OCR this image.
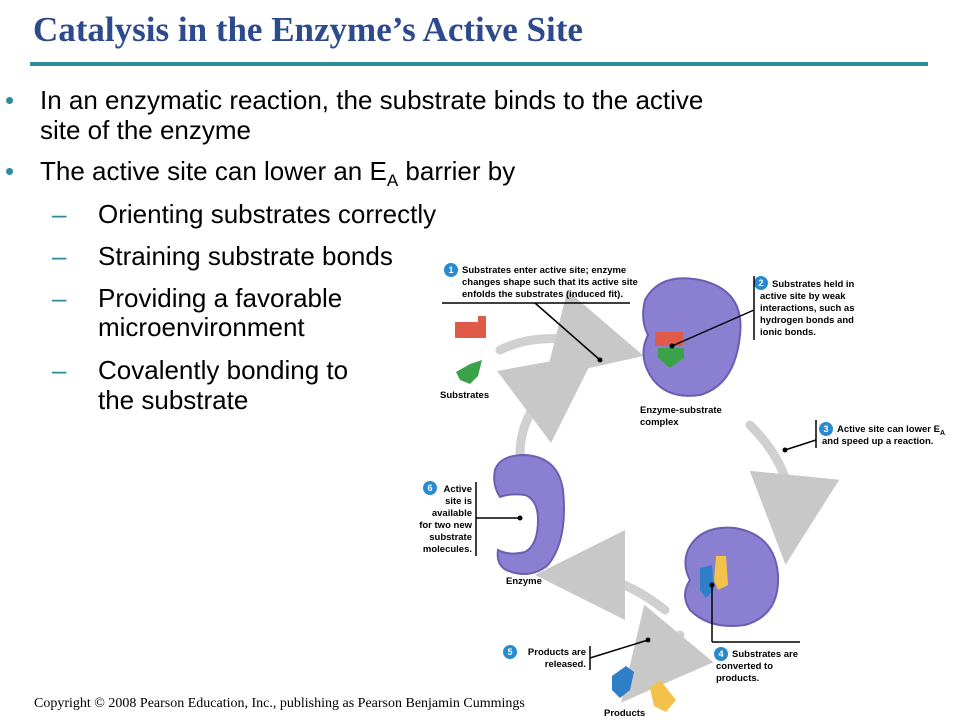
Catalysis in the Enzyme’s Active Site
• In an enzymatic reaction, the substrate binds to the active
site of the enzyme
• The active site can lower an $E_A$ barrier by
– Orienting substrates correctly
– Straining substrate bonds
– Providing a favorable
microenvironment
– Covalently bonding to
the substrate
1 Substrates enter active site; enzyme
changes shape such that its active site
enfolds the substrates (induced fit).
2 Substrates held in
active site by weak
interactions, such as
hydrogen bonds and
ionic bonds.
Substrates
Enzyme-substrate
complex
3 Active site can lower $E_A$
and speed up a reaction.
6 Active
site is
available
for two new
substrate
molecules.
Enzyme
4 Substrates are
converted to
products.
5 Products are
released.
Products
Copyright © 2008 Pearson Education, Inc., publishing as Pearson Benjamin Cummings
